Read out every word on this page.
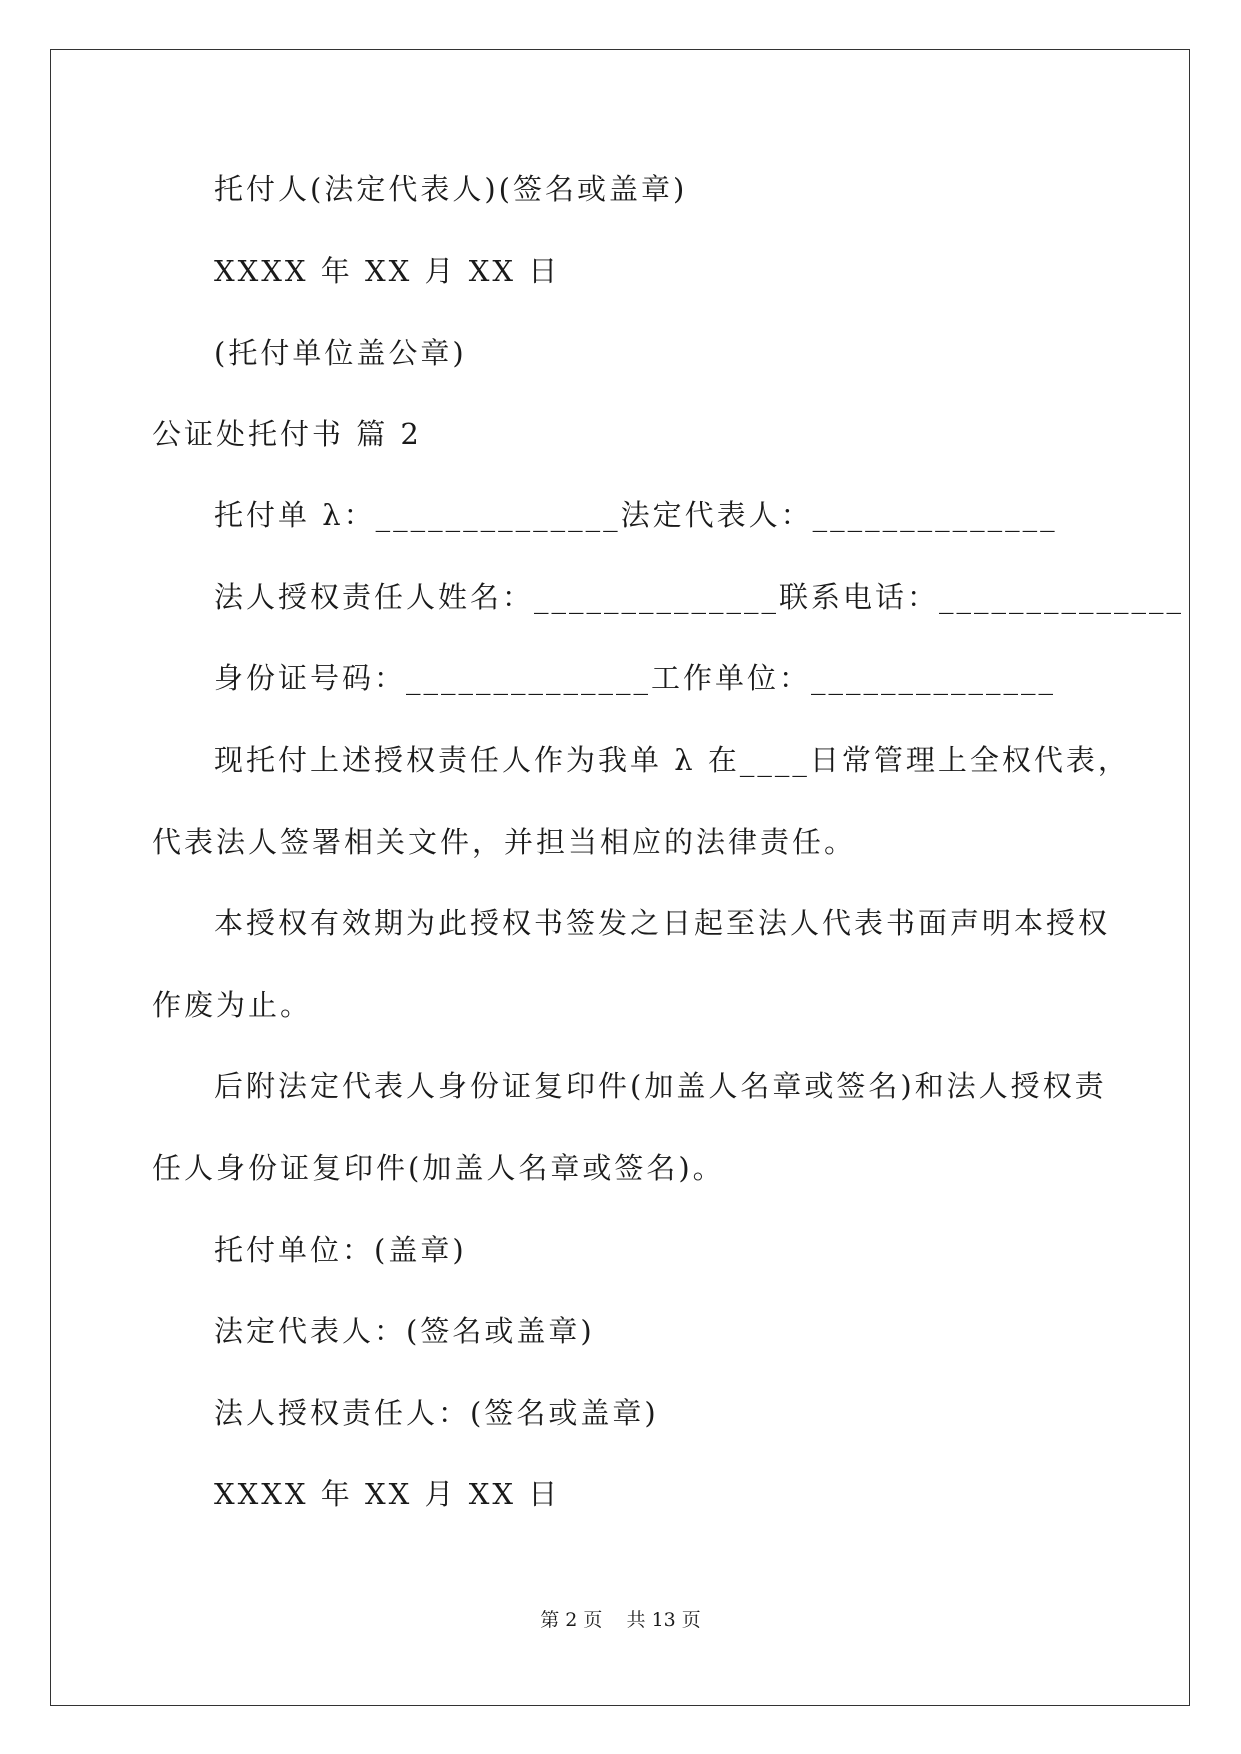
托付人(法定代表人)(签名或盖章)
XXXX 年 XX 月 XX 日
(托付单位盖公章)
公证处托付书 篇 2
托付单 λ：______________法定代表人：______________
法人授权责任人姓名：______________联系电话：______________
身份证号码：______________工作单位：______________
现托付上述授权责任人作为我单 λ 在____日常管理上全权代表，
代表法人签署相关文件，并担当相应的法律责任。
本授权有效期为此授权书签发之日起至法人代表书面声明本授权
作废为止。
后附法定代表人身份证复印件(加盖人名章或签名)和法人授权责
任人身份证复印件(加盖人名章或签名)。
托付单位：(盖章)
法定代表人：(签名或盖章)
法人授权责任人：(签名或盖章)
XXXX 年 XX 月 XX 日
第 2 页    共 13 页
